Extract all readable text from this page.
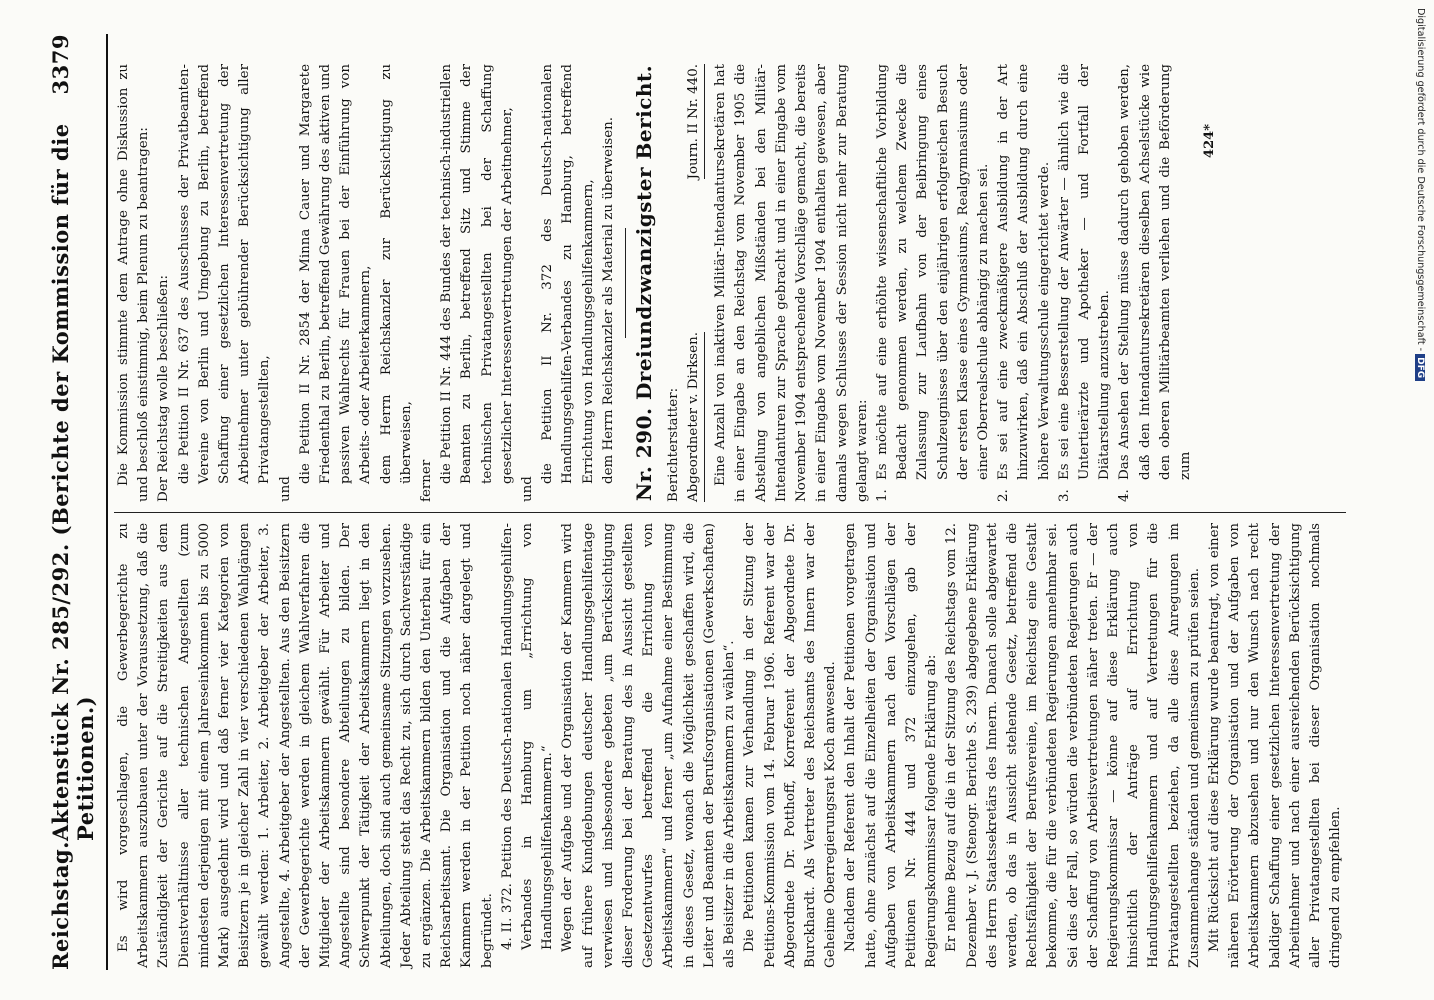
Reichstag.
Aktenstück Nr. 285/292. (Berichte der Kommission für die Petitionen.)
3379

Es wird vorgeschlagen, die Gewerbegerichte zu Arbeitskammern auszubauen unter der Voraussetzung, daß die Zuständigkeit der Gerichte auf die Streitigkeiten aus dem Dienstverhältnisse aller technischen Angestellten (zum mindesten derjenigen mit einem Jahreseinkommen bis zu 5000 Mark) ausgedehnt wird und daß ferner vier Kategorien von Beisitzern je in gleicher Zahl in vier verschiedenen Wahlgängen gewählt werden: 1. Arbeiter, 2. Arbeitgeber der Arbeiter, 3. Angestellte, 4. Arbeitgeber der Angestellten. Aus den Beisitzern der Gewerbegerichte werden in gleichem Wahlverfahren die Mitglieder der Arbeitskammern gewählt. Für Arbeiter und Angestellte sind besondere Abteilungen zu bilden. Der Schwerpunkt der Tätigkeit der Arbeitskammern liegt in den Abteilungen, doch sind auch gemeinsame Sitzungen vorzusehen. Jeder Abteilung steht das Recht zu, sich durch Sachverständige zu ergänzen. Die Arbeitskammern bilden den Unterbau für ein Reichsarbeitsamt. Die Organisation und die Aufgaben der Kammern werden in der Petition noch näher dargelegt und begründet. 4. II. 372. Petition des Deutsch-nationalen Handlungsgehilfen-Verbandes in Hamburg um „Errichtung von Handlungsgehilfenkammern.“ Wegen der Aufgabe und der Organisation der Kammern wird auf frühere Kundgebungen deutscher Handlungsgehilfentage verwiesen und insbesondere gebeten „um Berücksichtigung dieser Forderung bei der Beratung des in Aussicht gestellten Gesetzentwurfes betreffend die Errichtung von Arbeitskammern“ und ferner „um Aufnahme einer Bestimmung in dieses Gesetz, wonach die Möglichkeit geschaffen wird, die Leiter und Beamten der Berufsorganisationen (Gewerkschaften) als Beisitzer in die Arbeitskammern zu wählen“. Die Petitionen kamen zur Verhandlung in der Sitzung der Petitions-Kommission vom 14. Februar 1906. Referent war der Abgeordnete Dr. Potthoff, Korreferent der Abgeordnete Dr. Burckhardt. Als Vertreter des Reichsamts des Innern war der Geheime Oberregierungsrat Koch anwesend. Nachdem der Referent den Inhalt der Petitionen vorgetragen hatte, ohne zunächst auf die Einzelheiten der Organisation und Aufgaben von Arbeitskammern nach den Vorschlägen der Petitionen Nr. 444 und 372 einzugehen, gab der Regierungskommissar folgende Erklärung ab: Er nehme Bezug auf die in der Sitzung des Reichstags vom 12. Dezember v. J. (Stenogr. Berichte S. 239) abgegebene Erklärung des Herrn Staatssekretärs des Innern. Danach solle abgewartet werden, ob das in Aussicht stehende Gesetz, betreffend die Rechtsfähigkeit der Berufsvereine, im Reichstag eine Gestalt bekomme, die für die verbündeten Regierungen annehmbar sei. Sei dies der Fall, so würden die verbündeten Regierungen auch der Schaffung von Arbeitsvertretungen näher treten. Er — der Regierungskommissar — könne auf diese Erklärung auch hinsichtlich der Anträge auf Errichtung von Handlungsgehilfenkammern und auf Vertretungen für die Privatangestellten beziehen, da alle diese Anregungen im Zusammenhange ständen und gemeinsam zu prüfen seien. Mit Rücksicht auf diese Erklärung wurde beantragt, von einer näheren Erörterung der Organisation und der Aufgaben von Arbeitskammern abzusehen und nur den Wunsch nach recht baldiger Schaffung einer gesetzlichen Interessenvertretung der Arbeitnehmer und nach einer ausreichenden Berücksichtigung aller Privatangestellten bei dieser Organisation nochmals dringend zu empfehlen.

Die Kommission stimmte dem Antrage ohne Diskussion zu und beschloß einstimmig, beim Plenum zu beantragen: Der Reichstag wolle beschließen: die Petition II Nr. 637 des Ausschusses der Privatbeamten-Vereine von Berlin und Umgebung zu Berlin, betreffend Schaffung einer gesetzlichen Interessenvertretung der Arbeitnehmer unter gebührender Berücksichtigung aller Privatangestellten,

und

die Petition II Nr. 2854 der Minna Cauer und Margarete Friedenthal zu Berlin, betreffend Gewährung des aktiven und passiven Wahlrechts für Frauen bei der Einführung von Arbeits- oder Arbeiterkammern, dem Herrn Reichskanzler zur Berücksichtigung zu überweisen, ferner die Petition II Nr. 444 des Bundes der technisch-industriellen Beamten zu Berlin, betreffend Sitz und Stimme der technischen Privatangestellten bei der Schaffung gesetzlicher Interessenvertretungen der Arbeitnehmer,

und

die Petition II Nr. 372 des Deutsch-nationalen Handlungsgehilfen-Verbandes zu Hamburg, betreffend Errichtung von Handlungsgehilfenkammern, dem Herrn Reichskanzler als Material zu überweisen. Nr. 290. Dreiundzwanzigster Bericht. Berichterstatter: Abgeordneter v. Dirksen.
Journ. II Nr. 440. Eine Anzahl von inaktiven Militär-Intendantursekretären hat in einer Eingabe an den Reichstag vom November 1905 die Abstellung von angeblichen Mißständen bei den Militär-Intendanturen zur Sprache gebracht und in einer Eingabe vom November 1904 entsprechende Vorschläge gemacht, die bereits in einer Eingabe vom November 1904 enthalten gewesen, aber damals wegen Schlusses der Session nicht mehr zur Beratung gelangt waren: 1.
Es möchte auf eine erhöhte wissenschaftliche Vorbildung Bedacht genommen werden, zu welchem Zwecke die Zulassung zur Laufbahn von der Beibringung eines Schulzeugnisses über den einjährigen erfolgreichen Besuch der ersten Klasse eines Gymnasiums, Realgymnasiums oder einer Oberrealschule abhängig zu machen sei.
2.
Es sei auf eine zweckmäßigere Ausbildung in der Art hinzuwirken, daß ein Abschluß der Ausbildung durch eine höhere Verwaltungsschule eingerichtet werde.
3.
Es sei eine Besserstellung der Anwärter — ähnlich wie die Untertierärzte und Apotheker — und Fortfall der Diätarstellung anzustreben.
4.
Das Ansehen der Stellung müsse dadurch gehoben werden, daß den Intendantursekretären dieselben Achselstücke wie den oberen Militärbeamten verliehen und die Beförderung zum
424*	Digitalisierung gefördert durch die Deutsche Forschungsgemeinschaft -DFG
